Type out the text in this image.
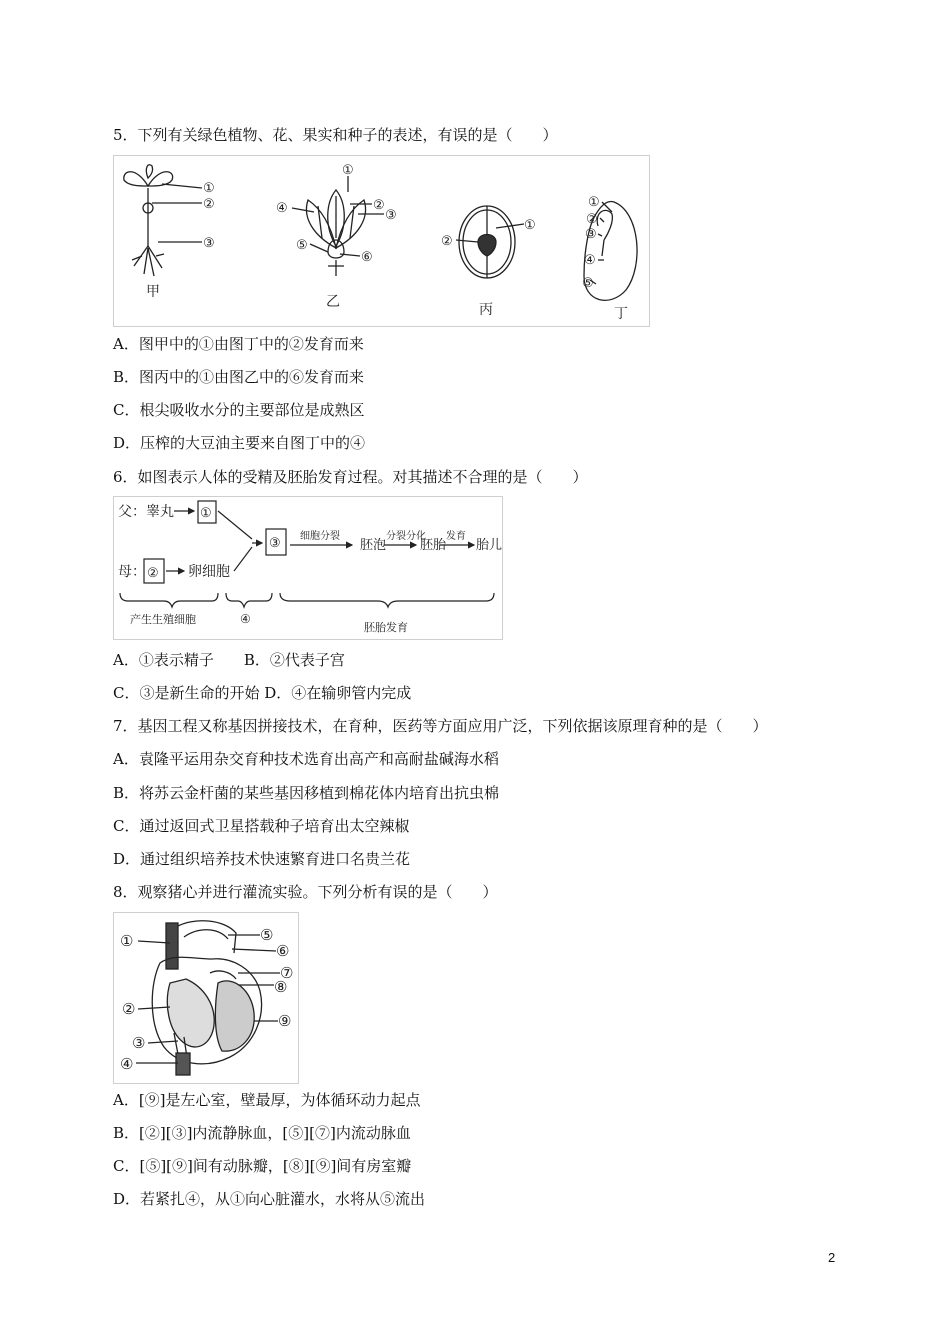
5．下列有关绿色植物、花、果实和种子的表述，有误的是（　　）
①
②
③
甲
①
②
③
④
⑤
⑥
乙
①
②
丙
①
②
③
④
⑤
丁
A．图甲中的①由图丁中的②发育而来
B．图丙中的①由图乙中的⑥发育而来
C．根尖吸收水分的主要部位是成熟区
D．压榨的大豆油主要来自图丁中的④
6．如图表示人体的受精及胚胎发育过程。对其描述不合理的是（　　）
父：睾丸 ①
母： ② 卵细胞
③ 细胞分裂
胚泡
分裂分化
胚胎
发育
胎儿
产生生殖细胞	④
胚胎发育
A．①表示精子　　B．②代表子宫
C．③是新生命的开始 D．④在输卵管内完成
7．基因工程又称基因拼接技术，在育种，医药等方面应用广泛，下列依据该原理育种的是（　　）
A．袁隆平运用杂交育种技术选育出高产和高耐盐碱海水稻
B．将苏云金杆菌的某些基因移植到棉花体内培育出抗虫棉
C．通过返回式卫星搭载种子培育出太空辣椒
D．通过组织培养技术快速繁育进口名贵兰花
8．观察猪心并进行灌流实验。下列分析有误的是（　　）
①
②
③
④
⑤
⑥
⑦
⑧
⑨
A．[⑨]是左心室，壁最厚，为体循环动力起点
B．[②][③]内流静脉血，[⑤][⑦]内流动脉血
C．[⑤][⑨]间有动脉瓣，[⑧][⑨]间有房室瓣
D．若紧扎④，从①向心脏灌水，水将从⑤流出
2
